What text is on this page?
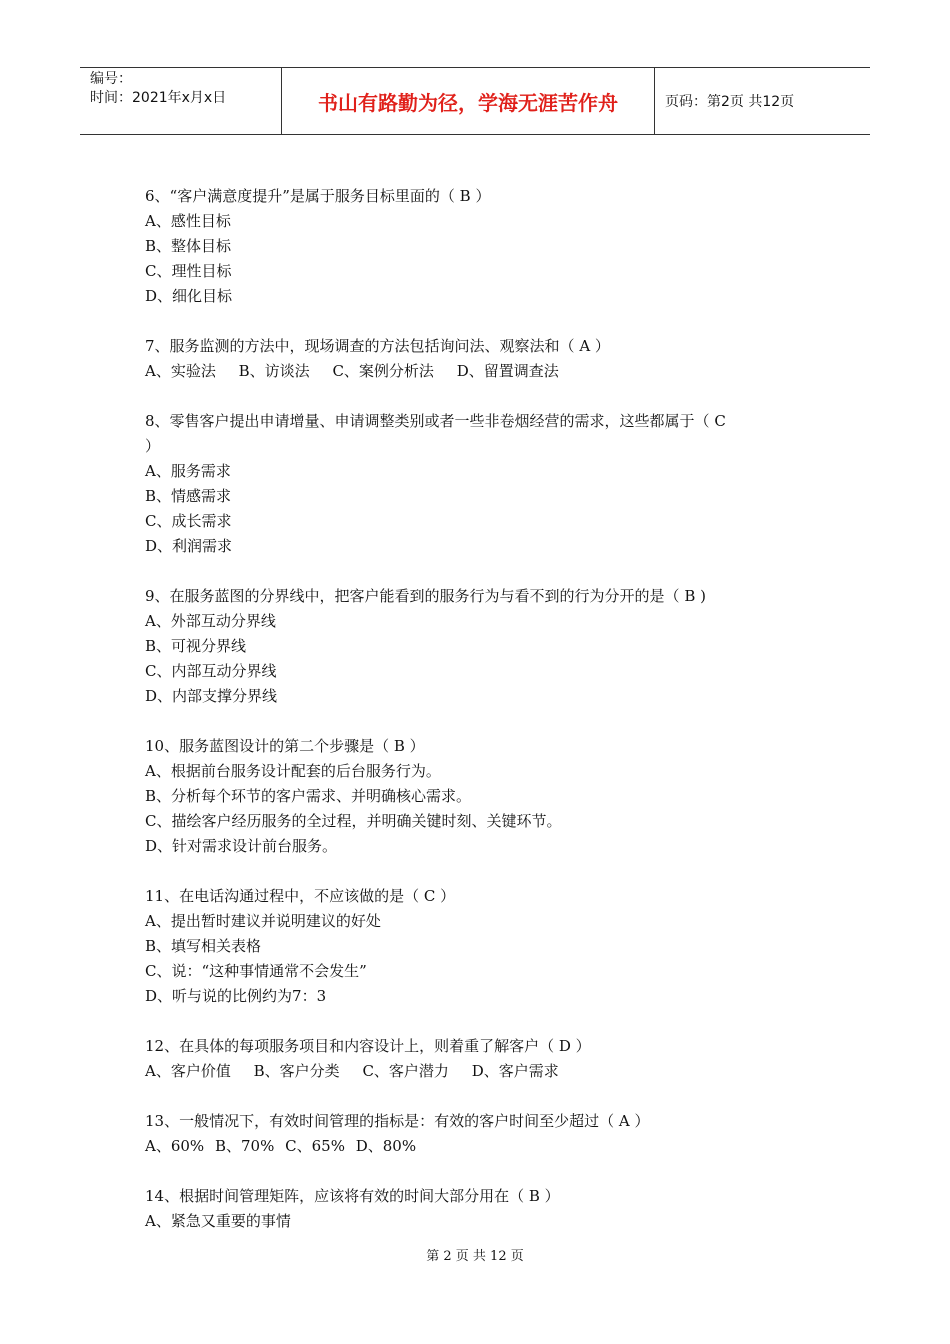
编号：
时间：2021年x月x日	书山有路勤为径，学海无涯苦作舟	页码：第2页 共12页
6、“客户满意度提升”是属于服务目标里面的（ B ）
A、感性目标
B、整体目标
C、理性目标
D、细化目标
7、服务监测的方法中，现场调查的方法包括询问法、观察法和（ A ）
A、实验法 B、访谈法 C、案例分析法 D、留置调查法
8、零售客户提出申请增量、申请调整类别或者一些非卷烟经营的需求，这些都属于（ C
）
A、服务需求
B、情感需求
C、成长需求
D、利润需求
9、在服务蓝图的分界线中，把客户能看到的服务行为与看不到的行为分开的是（ B )
A、外部互动分界线
B、可视分界线
C、内部互动分界线
D、内部支撑分界线
10、服务蓝图设计的第二个步骤是（ B ）
A、根据前台服务设计配套的后台服务行为。
B、分析每个环节的客户需求、并明确核心需求。
C、描绘客户经历服务的全过程，并明确关键时刻、关键环节。
D、针对需求设计前台服务。
11、在电话沟通过程中，不应该做的是（ C ）
A、提出暂时建议并说明建议的好处
B、填写相关表格
C、说：“这种事情通常不会发生”
D、听与说的比例约为7：3
12、在具体的每项服务项目和内容设计上，则着重了解客户（ D ）
A、客户价值 B、客户分类 C、客户潜力 D、客户需求
13、一般情况下，有效时间管理的指标是：有效的客户时间至少超过（ A ）
A、60% B、70% C、65% D、80%
14、根据时间管理矩阵，应该将有效的时间大部分用在（ B ）
A、紧急又重要的事情
第 2 页 共 12 页
